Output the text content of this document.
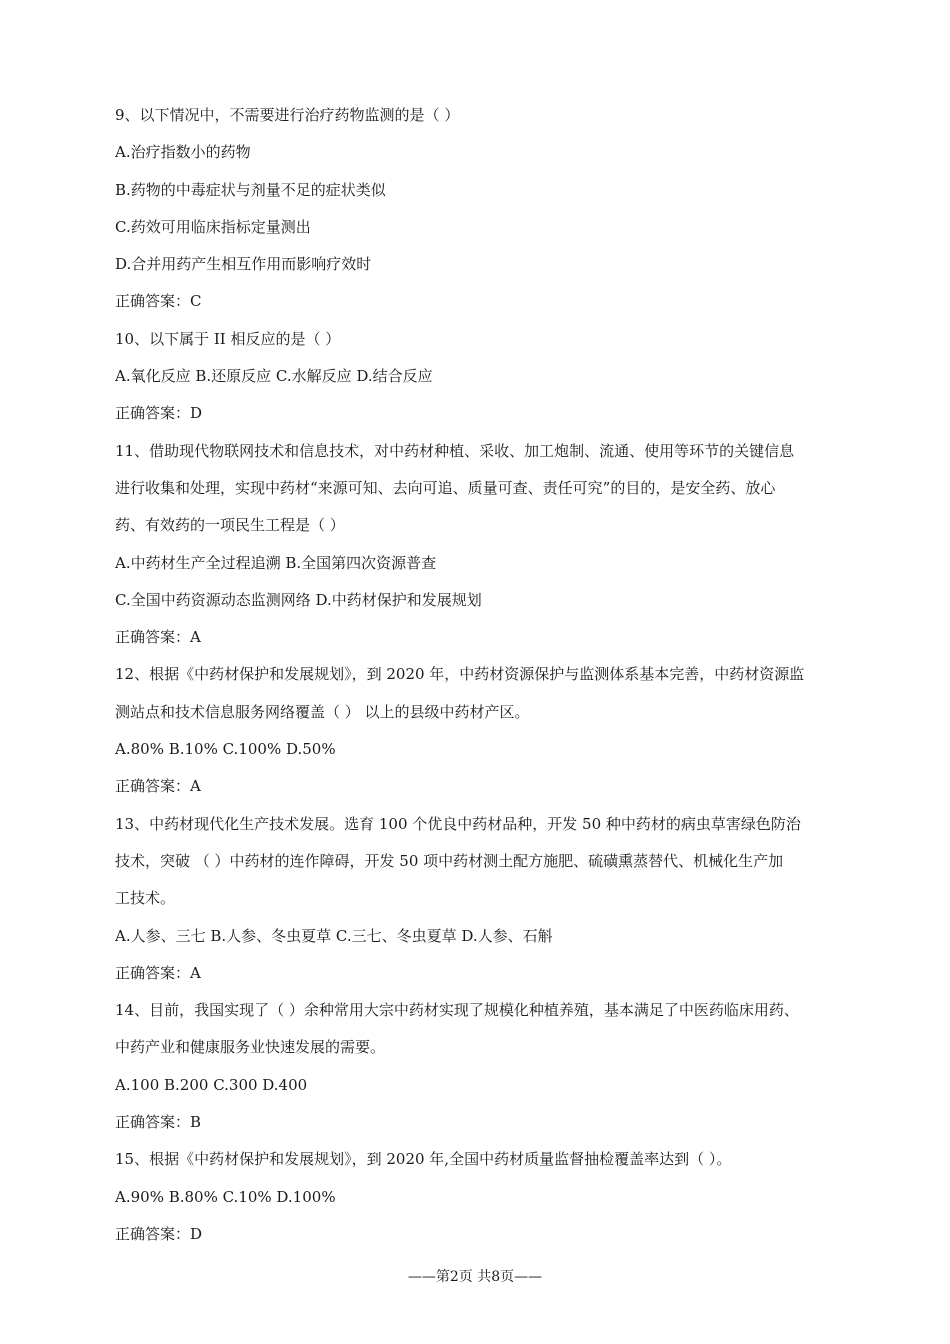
9、以下情况中，不需要进行治疗药物监测的是（ ）
A.治疗指数小的药物
B.药物的中毒症状与剂量不足的症状类似
C.药效可用临床指标定量测出
D.合并用药产生相互作用而影响疗效时
正确答案：C
10、以下属于 II 相反应的是（ ）
A.氧化反应 B.还原反应 C.水解反应 D.结合反应
正确答案：D
11、借助现代物联网技术和信息技术，对中药材种植、采收、加工炮制、流通、使用等环节的关键信息
进行收集和处理，实现中药材“来源可知、去向可追、质量可查、责任可究”的目的，是安全药、放心
药、有效药的一项民生工程是（ ）
A.中药材生产全过程追溯 B.全国第四次资源普查
C.全国中药资源动态监测网络 D.中药材保护和发展规划
正确答案：A
12、根据《中药材保护和发展规划》，到 2020 年，中药材资源保护与监测体系基本完善，中药材资源监
测站点和技术信息服务网络覆盖（ ） 以上的县级中药材产区。
A.80% B.10% C.100% D.50%
正确答案：A
13、中药材现代化生产技术发展。选育 100 个优良中药材品种，开发 50 种中药材的病虫草害绿色防治
技术，突破 （ ）中药材的连作障碍，开发 50 项中药材测土配方施肥、硫磺熏蒸替代、机械化生产加
工技术。
A.人参、三七 B.人参、冬虫夏草 C.三七、冬虫夏草 D.人参、石斛
正确答案：A
14、目前，我国实现了（ ）余种常用大宗中药材实现了规模化种植养殖，基本满足了中医药临床用药、
中药产业和健康服务业快速发展的需要。
A.100 B.200 C.300 D.400
正确答案：B
15、根据《中药材保护和发展规划》，到 2020 年,全国中药材质量监督抽检覆盖率达到（ ）。
A.90% B.80% C.10% D.100%
正确答案：D
——第2页 共8页——
